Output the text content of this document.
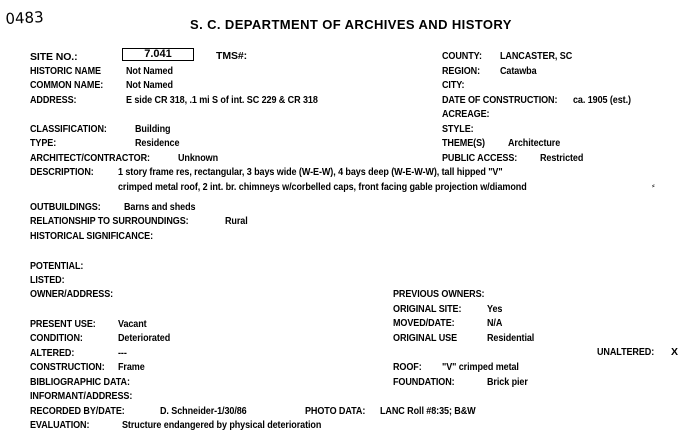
0483	S. C. DEPARTMENT OF ARCHIVES AND HISTORY
SITE NO.:	7.041	TMS#:
HISTORIC NAME Not Named
COMMON NAME: Not Named
ADDRESS:	E side CR 318, .1 mi S of int. SC 229 & CR 318
COUNTY: LANCASTER, SC
REGION: Catawba
CITY:
DATE OF CONSTRUCTION: ca. 1905 (est.)
ACREAGE:
CLASSIFICATION:	Building	STYLE:
TYPE:	Residence	THEME(S) Architecture
ARCHITECT/CONTRACTOR:	Unknown	PUBLIC ACCESS: Restricted
DESCRIPTION: 1 story frame res, rectangular, 3 bays wide (W-E-W), 4 bays deep (W-E-W-W), tall hipped "V"
crimped metal roof, 2 int. br. chimneys w/corbelled caps, front facing gable projection w/diamond	⸗
OUTBUILDINGS: Barns and sheds
RELATIONSHIP TO SURROUNDINGS:	Rural
HISTORICAL SIGNIFICANCE:
POTENTIAL:
LISTED:
OWNER/ADDRESS:	PREVIOUS OWNERS:
ORIGINAL SITE: Yes
MOVED/DATE:	N/A
ORIGINAL USE	Residential
PRESENT USE: Vacant
CONDITION:	Deteriorated
ALTERED:	---	UNALTERED: X
CONSTRUCTION: Frame	ROOF: "V" crimped metal
BIBLIOGRAPHIC DATA:	FOUNDATION:	Brick pier
INFORMANT/ADDRESS:
RECORDED BY/DATE:	D. Schneider-1/30/86	PHOTO DATA: LANC Roll #8:35; B&W
EVALUATION:	Structure endangered by physical deterioration
